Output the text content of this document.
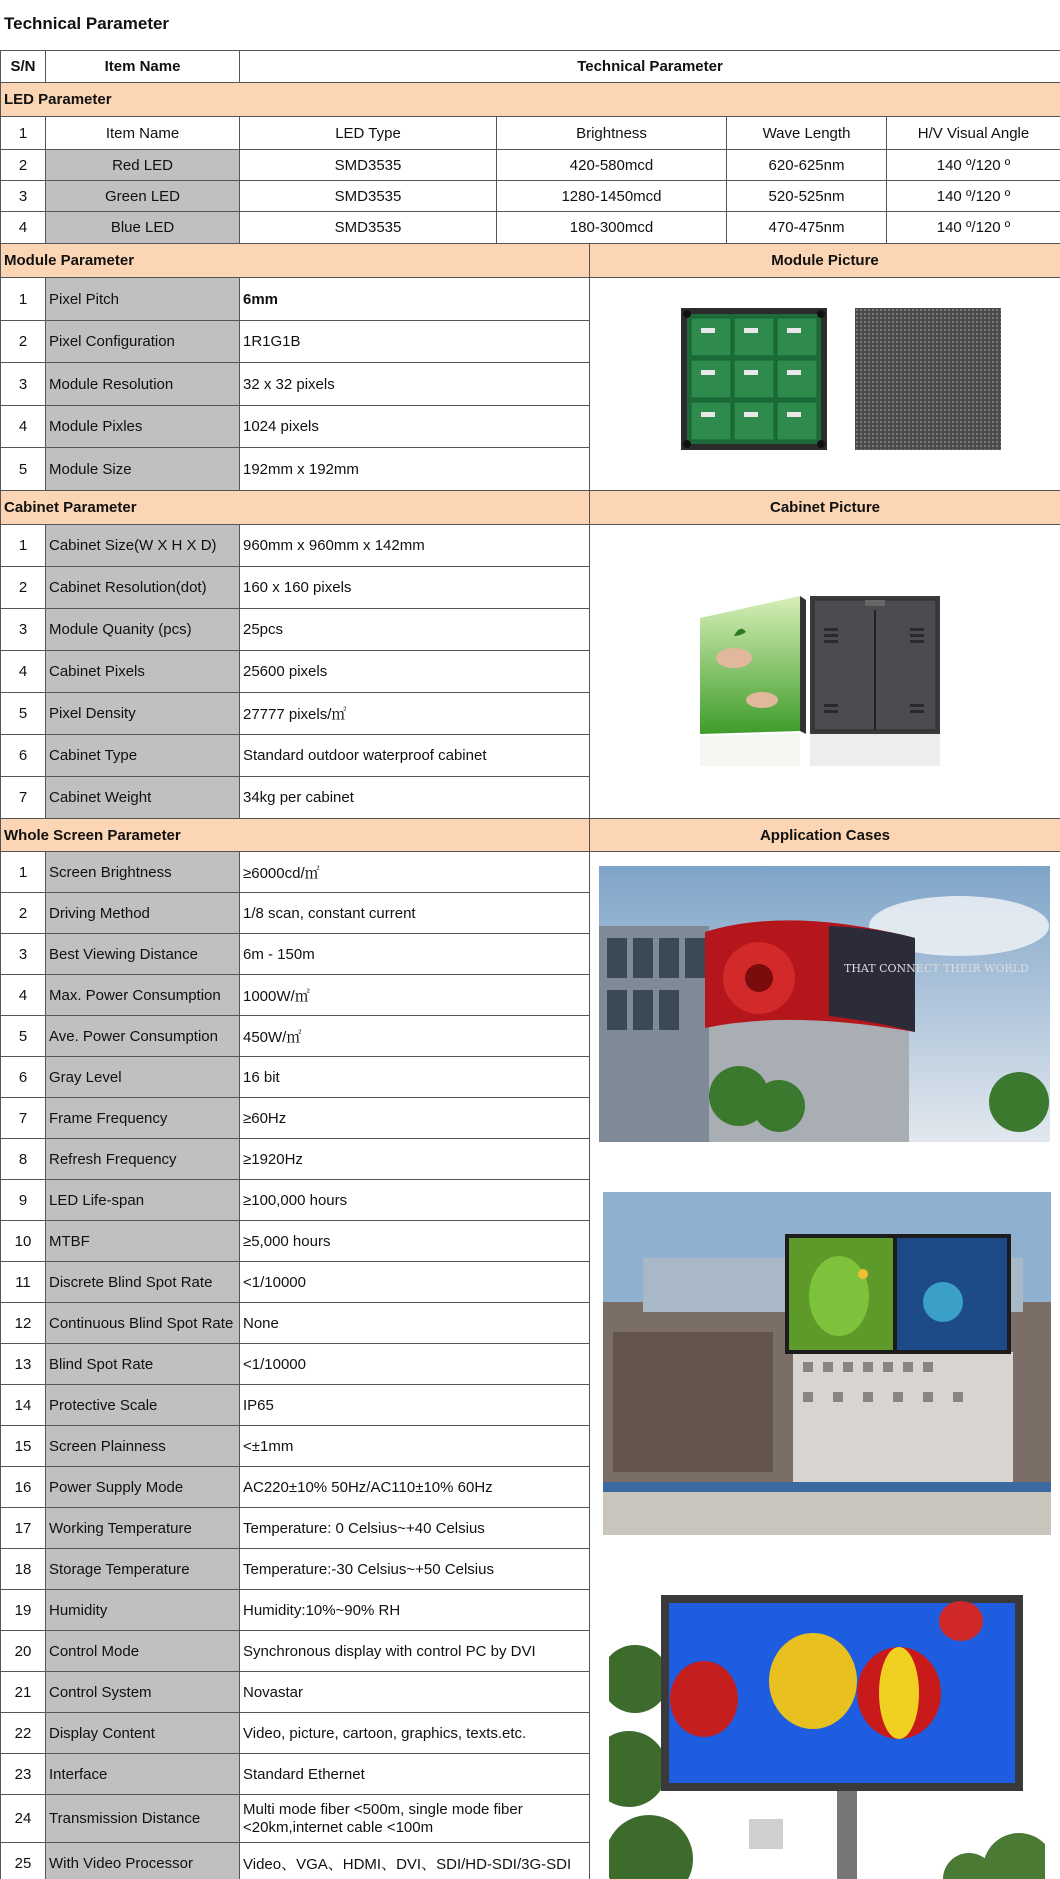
Technical Parameter
S/N	Item Name	Technical Parameter			
LED Parameter					
1	Item Name	LED Type	Brightness	Wave Length	H/V Visual Angle
2	Red LED	SMD3535	420-580mcd	620-625nm	140 º/120 º
3	Green LED	SMD3535	1280-1450mcd	520-525nm	140 º/120 º
4	Blue LED	SMD3535	180-300mcd	470-475nm	140 º/120 º
Module Parameter			Module Picture
1	Pixel Pitch	6mm	
2	Pixel Configuration	1R1G1B	
3	Module Resolution	32 x 32 pixels	
4	Module Pixles	1024 pixels	
5	Module Size	192mm x 192mm	
Cabinet Parameter			Cabinet Picture
1	Cabinet Size(W X H X D)	960mm x 960mm x 142mm	
2	Cabinet Resolution(dot)	160 x 160 pixels	
3	Module Quanity (pcs)	25pcs	
4	Cabinet Pixels	25600 pixels	
5	Pixel Density	27777 pixels/㎡	
6	Cabinet Type	Standard outdoor waterproof cabinet	
7	Cabinet Weight	34kg per cabinet	
Whole Screen Parameter			Application Cases
1	Screen Brightness	≥6000cd/㎡	
2	Driving Method	1/8 scan, constant current	
3	Best Viewing Distance	6m - 150m	
4	Max. Power Consumption	1000W/㎡	
5	Ave. Power Consumption	450W/㎡	
6	Gray Level	16 bit	
7	Frame Frequency	≥60Hz	
8	Refresh Frequency	≥1920Hz	
9	LED Life-span	≥100,000 hours	
10	MTBF	≥5,000 hours	
11	Discrete Blind Spot Rate	<1/10000	
12	Continuous Blind Spot Rate	None	
13	Blind Spot Rate	<1/10000	
14	Protective Scale	IP65	
15	Screen Plainness	<±1mm	
16	Power Supply Mode	AC220±10% 50Hz/AC110±10% 60Hz	
17	Working Temperature	Temperature: 0 Celsius~+40 Celsius	
18	Storage Temperature	Temperature:-30 Celsius~+50 Celsius	
19	Humidity	Humidity:10%~90% RH	
20	Control Mode	Synchronous display with control PC by DVI	
21	Control System	Novastar	
22	Display Content	Video, picture, cartoon, graphics, texts.etc.	
23	Interface	Standard Ethernet	
24	Transmission Distance	Multi mode fiber <500m, single mode fiber <20km,internet cable <100m	
25	With Video Processor	Video、VGA、HDMI、DVI、SDI/HD-SDI/3G-SDI	
THAT CONNECT THEIR WORLD
